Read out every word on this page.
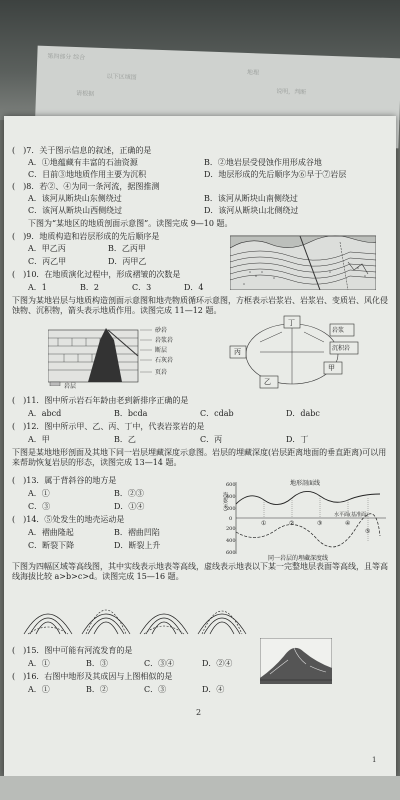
第四部分 综合
地理
以下区域图
说明，判断
请根据
(　)7．关于图示信息的叙述，正确的是
A．①地蕴藏有丰富的石油资源	B．②地岩层受侵蚀作用形成谷地
C．目前③地地质作用主要为沉积	D．地层形成的先后顺序为⑥早于⑦岩层
(　)8．若②、④为同一条河流，据图推测
A．该河从断块山东侧绕过	B．该河从断块山南侧绕过
C．该河从断块山西侧绕过	D．该河从断块山北侧绕过
下图为“某地区的地质剖面示意图”。读图完成 9—10 题。
(　)9．地质构造和岩层形成的先后顺序是
A．甲乙丙	B．乙丙甲
C．丙乙甲	D．丙甲乙
(　)10．在地质演化过程中，形成褶皱的次数是
A．1	B．2	C．3	D．4
下图为某地岩层与地质构造剖面示意图和地壳物质循环示意图，方框表示岩浆岩、岩浆岩、变质岩、风化侵蚀物、沉积物，箭头表示地质作用。读图完成 11—12 题。
砂岩
岩浆岩
断层
石灰岩
页岩
岩层
丁
岩浆
沉积岩
甲
乙
丙
(　)11．图中所示岩石年龄由老到新排序正确的是
A．abcd	B．bcda	C．cdab	D．dabc
(　)12．图中所示甲、乙、丙、丁中，代表岩浆岩的是
A．甲	B．乙	C．丙	D．丁
下图是某地地形剖面及其地下同一岩层埋藏深度示意图。岩层的埋藏深度(岩层距离地面的垂直距离)可以用来帮助恢复岩层的形态，读图完成 13—14 题。
(　)13．属于背斜谷的地方是
A．①	B．②③
C．③	D．①④
(　)14．⑤处发生的地壳运动是
A．褶曲隆起	B．褶曲凹陷
C．断裂下降	D．断裂上升
地形剖面线
水平面(基准面)
同一岩层的埋藏深度线
海拔(米)
600
400
200
0
200
400
600
①	②	③	④
⑤
下图为四幅区域等高线图，其中实线表示地表等高线，虚线表示地表以下某一完整地层表面等高线，且等高线海拔比较 a>b>c>d。读图完成 15—16 题。
(　)15．图中可能有河流发育的是
A．①	B．③	C．③④	D．②④
(　)16．右图中地形及其成因与上图相似的是
A．①	B．②	C．③	D．④
2
1
